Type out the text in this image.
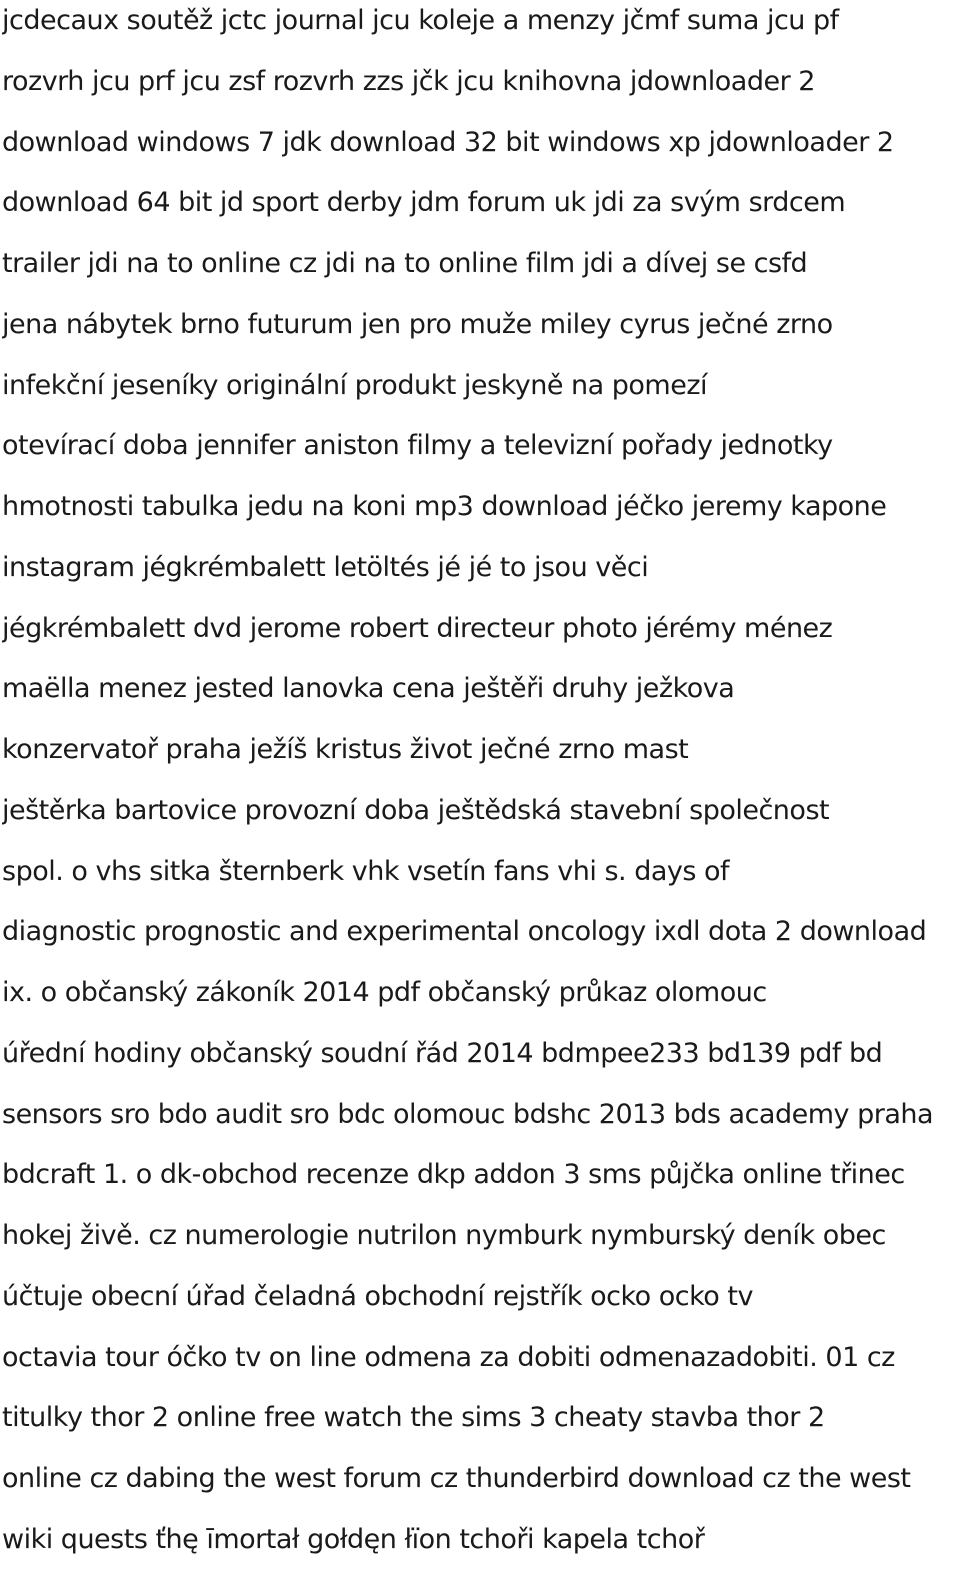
jcdecaux soutěž jctc journal jcu koleje a menzy jčmf suma jcu pf
rozvrh jcu prf jcu zsf rozvrh zzs jčk jcu knihovna jdownloader 2
download windows 7 jdk download 32 bit windows xp jdownloader 2
download 64 bit jd sport derby jdm forum uk jdi za svým srdcem
trailer jdi na to online cz jdi na to online film jdi a dívej se csfd
jena nábytek brno futurum jen pro muže miley cyrus ječné zrno
infekční jeseníky originální produkt jeskyně na pomezí
otevírací doba jennifer aniston filmy a televizní pořady jednotky
hmotnosti tabulka jedu na koni mp3 download jéčko jeremy kapone
instagram jégkrémbalett letöltés jé jé to jsou věci
jégkrémbalett dvd jerome robert directeur photo jérémy ménez
maëlla menez jested lanovka cena ještěři druhy ježkova
konzervatoř praha ježíš kristus život ječné zrno mast
ještěrka bartovice provozní doba ještědská stavební společnost
spol. o vhs sitka šternberk vhk vsetín fans vhi s. days of
diagnostic prognostic and experimental oncology ixdl dota 2 download
ix. o občanský zákoník 2014 pdf občanský průkaz olomouc
úřední hodiny občanský soudní řád 2014 bdmpee233 bd139 pdf bd
sensors sro bdo audit sro bdc olomouc bdshc 2013 bds academy praha
bdcraft 1. o dk-obchod recenze dkp addon 3 sms půjčka online třinec
hokej živě. cz numerologie nutrilon nymburk nymburský deník obec
účtuje obecní úřad čeladná obchodní rejstřík ocko ocko tv
octavia tour óčko tv on line odmena za dobiti odmenazadobiti. 01 cz
titulky thor 2 online free watch the sims 3 cheaty stavba thor 2
online cz dabing the west forum cz thunderbird download cz the west
wiki quests ťhę īmortał gołdęn łïon tchoři kapela tchoř
